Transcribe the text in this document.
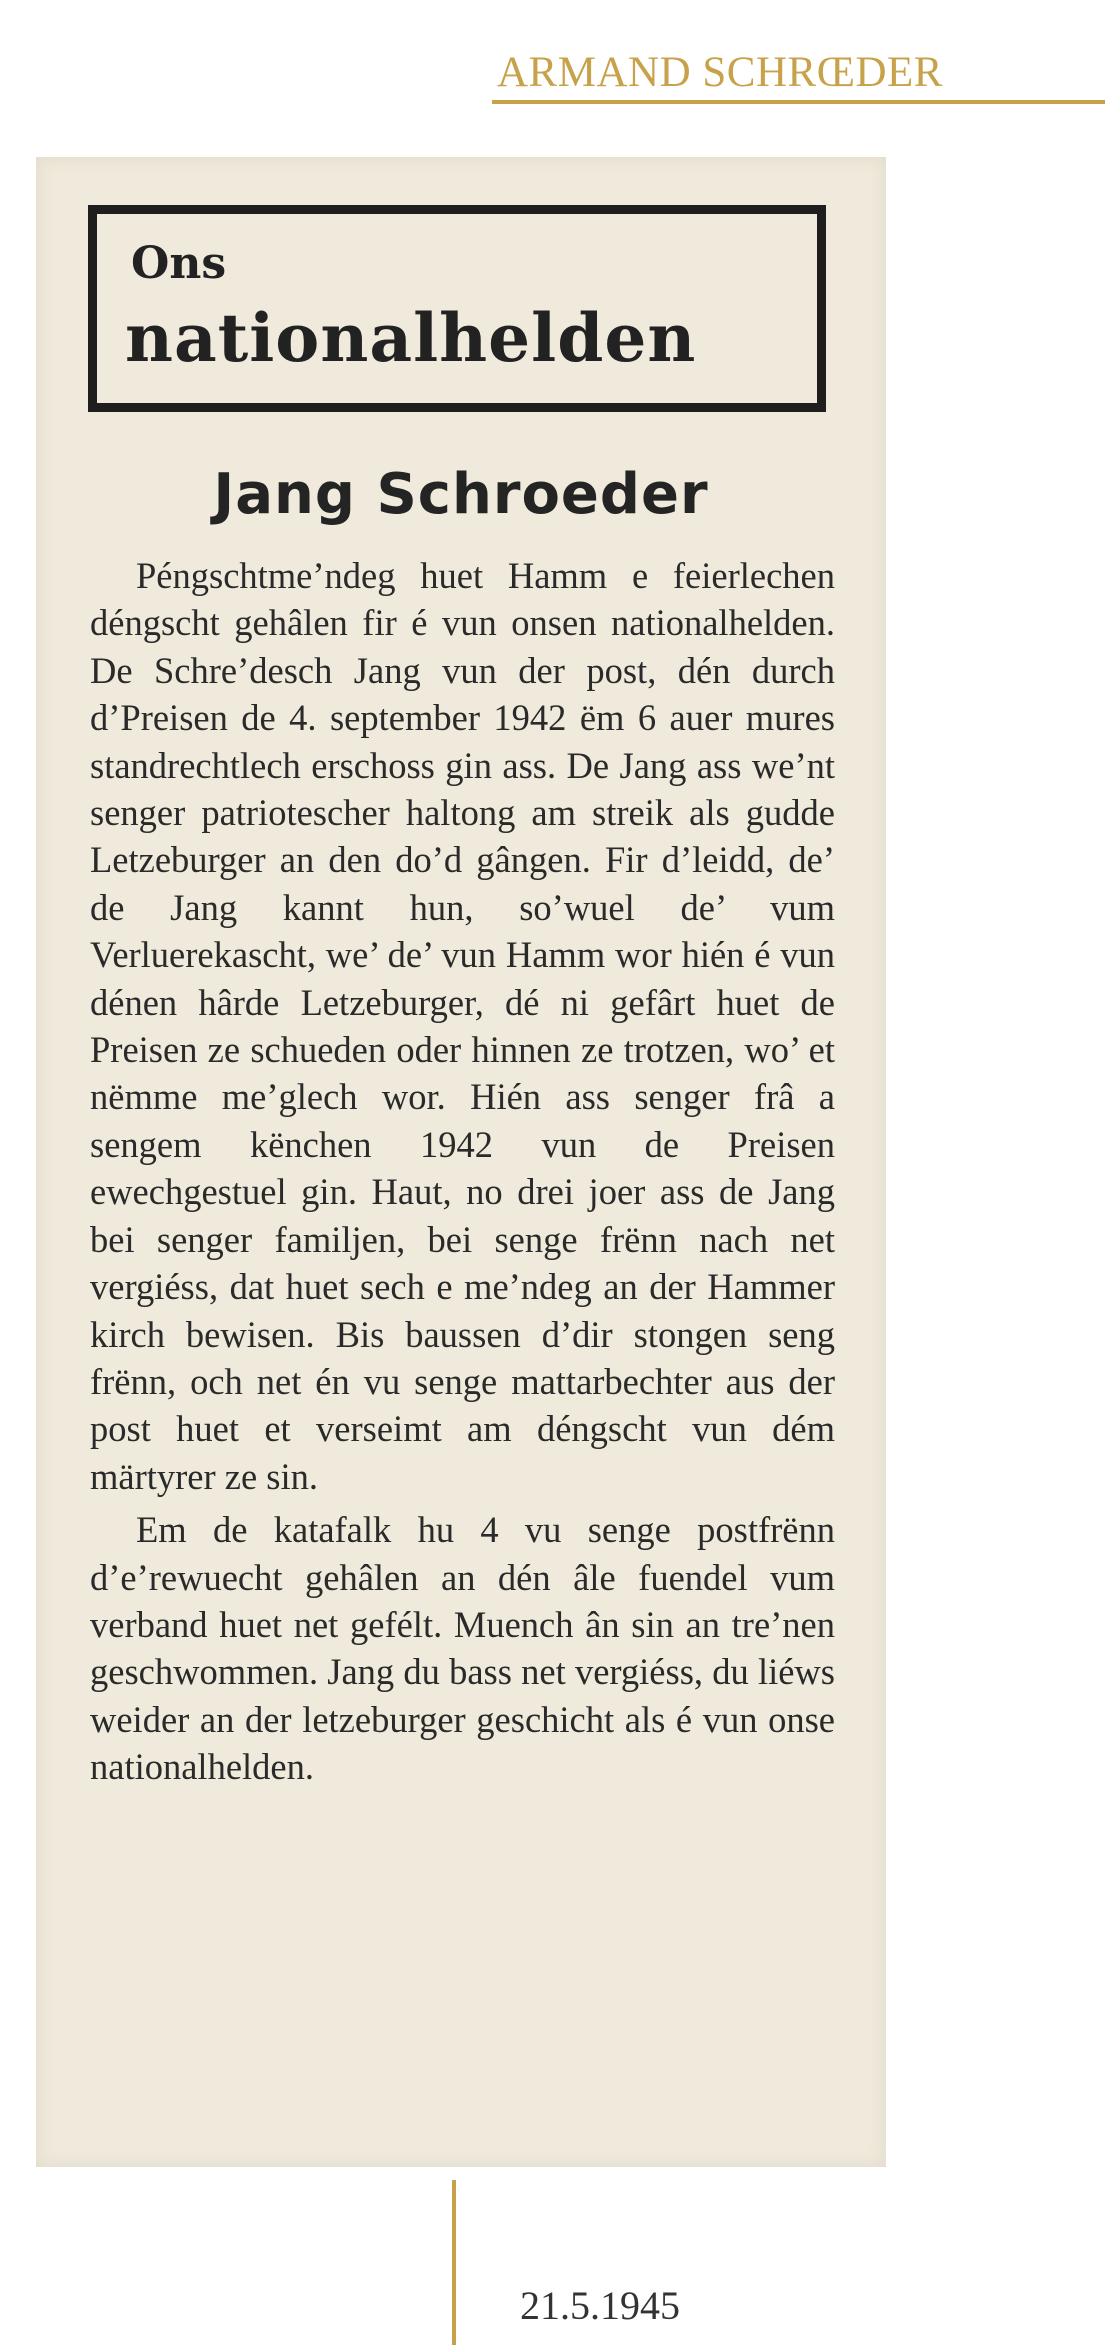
ARMAND SCHRŒDER
Ons
nationalhelden
Jang Schroeder

Péngschtme’ndeg huet Hamm e feierlechen déngscht gehâlen fir é vun onsen nationalhelden. De Schre’desch Jang vun der post, dén durch d’Preisen de 4. september 1942 ëm 6 auer mures standrechtlech erschoss gin ass. De Jang ass we’nt senger patriotescher haltong am streik als gudde Letzeburger an den do’d gângen. Fir d’leidd, de’ de Jang kannt hun, so’wuel de’ vum Verluerekascht, we’ de’ vun Hamm wor hién é vun dénen hârde Letzeburger, dé ni gefârt huet de Preisen ze schueden oder hinnen ze trotzen, wo’ et nëmme me’glech wor. Hién ass senger frâ a sengem kënchen 1942 vun de Preisen ewechgestuel gin. Haut, no drei joer ass de Jang bei senger familjen, bei senge frënn nach net vergiéss, dat huet sech e me’ndeg an der Hammer kirch bewisen. Bis baussen d’dir stongen seng frënn, och net én vu senge mattarbechter aus der post huet et verseimt am déngscht vun dém märtyrer ze sin.

Em de katafalk hu 4 vu senge postfrënn d’e’rewuecht gehâlen an dén âle fuendel vum verband huet net gefélt. Muench ân sin an tre’nen geschwommen. Jang du bass net vergiéss, du liéws weider an der letzeburger geschicht als é vun onse nationalhelden.

21.5.1945
